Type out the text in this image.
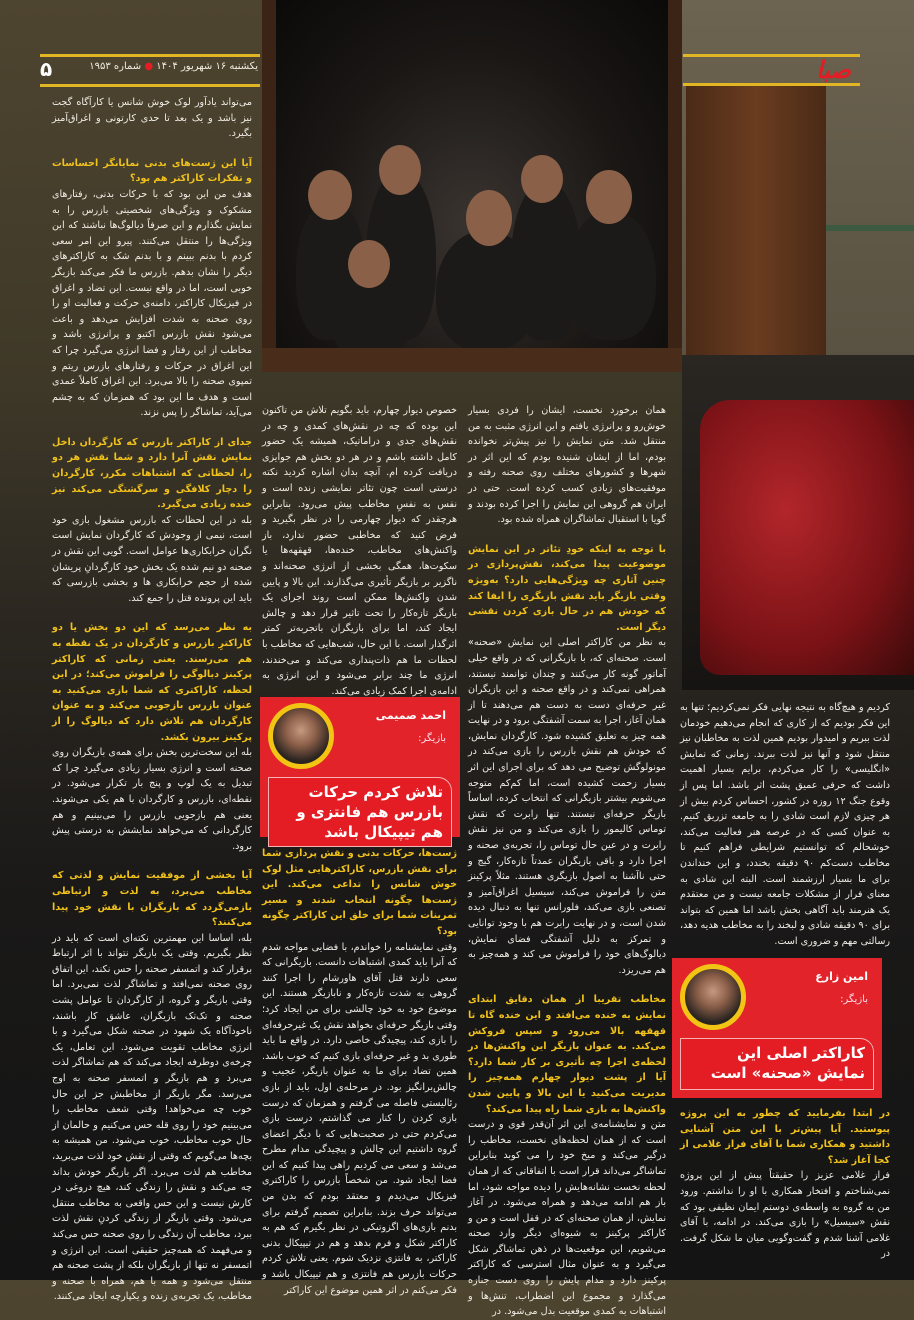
۵	یکشنبه ۱۶ شهریور ۱۴۰۴ ● شماره ۱۹۵۳	صبا

می‌تواند یادآور لوک خوش شانس یا کارآگاه گجت نیز باشد و یک بعد تا حدی کارتونی و اغراق‌آمیز بگیرد.

آیا این ژست‌های بدنی نمایانگر احساسات و تفکرات کاراکتر هم بود؟

هدف من این بود که با حرکات بدنی، رفتارهای مشکوک و ویژگی‌های شخصیتی بازرس را به نمایش بگذارم و این صرفاً دیالوگ‌ها نباشند که این ویژگی‌ها را منتقل می‌کنند. پیرو این امر سعی کردم با بدنم ببینم و با بدنم شک به کاراکترهای دیگر را نشان بدهم. بازرس ما فکر می‌کند بازیگر خوبی است، اما در واقع نیست. این تضاد و اغراق در فیزیکال کاراکتر، دامنه‌ی حرکت و فعالیت او را روی صحنه به شدت افزایش می‌دهد و باعث می‌شود نقش بازرس اکتیو و پرانرژی باشد و مخاطب از این رفتار و فضا انرژی می‌گیرد چرا که این اغراق در حرکات و رفتارهای بازرس ریتم و تمپوی صحنه را بالا می‌برد. این اغراق کاملاً عمدی است و هدف ما این بود که همزمان که به چشم می‌آید، تماشاگر را پس نزند.

جدای از کاراکتر بازرس که کارگردان داخل نمایش نقش آنرا دارد و شما نقش هر دو را، لحظاتی که اشتباهات مکرر، کارگردان را دچار کلافگی و سرگشتگی می‌کند نیز خنده زیادی می‌گیرد.

بله در این لحظات که بازرس مشغول بازی خود است، نیمی از وجودش که کارگردان نمایش است نگران خرابکاری‌ها عوامل است. گویی این نقش در صحنه دو نیم شده یک بخش خود کارگردانِ پریشان شده از حجم خرابکاری ها و بخشی بازرسی که باید این پرونده قتل را جمع کند.

به نظر می‌رسد که این دو بخش یا دو کاراکترِ بازرس و کارگردان در یک نقطه به هم می‌رسند. یعنی زمانی که کاراکتر پرکینز دیالوگی را فراموش می‌کند؛ در این لحظه، کاراکتری که شما بازی می‌کنید به عنوان بازرس بازجویی می‌کند و به عنوان کارگردان هم تلاش دارد که دیالوگ را از پرکینز بیرون بکشد.

بله این سخت‌ترین بخش برای همه‌ی بازیگران روی صحنه است و انرژی بسیار زیادی می‌گیرد چرا که تبدیل به یک لوپ و پنج بار تکرار می‌شود. در نقطه‌ای، بازرس و کارگردان با هم یکی می‌شوند. یعنی هم بازجویی بازرس را می‌بینیم و هم کارگردانی که می‌خواهد نمایشش به درستی پیش برود.

آیا بخشی از موفقیت نمایش و لذتی که مخاطب می‌برد، به لذت و ارتباطی بازمی‌گردد که بازیگران با نقش خود پیدا می‌کنند؟

بله، اساسا این مهمترین نکته‌ای است که باید در نظر بگیریم. وقتی یک بازیگر نتواند با اثر ارتباط برقرار کند و اتمسفر صحنه را حس نکند، این اتفاق روی صحنه نمی‌افتد و تماشاگر لذت نمی‌برد. اما وقتی بازیگر و گروه، از کارگردان تا عوامل پشت صحنه و تک‌تک بازیگران، عاشق کار باشند، ناخودآگاه یک شهود در صحنه شکل می‌گیرد و با انرژی مخاطب تقویت می‌شود. این تعامل، یک چرخه‌ی دوطرفه ایجاد می‌کند که هم تماشاگر لذت می‌برد و هم بازیگر و اتمسفر صحنه به اوج می‌رسد. مگر بازیگر از مخاطبش جز این حال خوب چه می‌خواهد! وقتی شعف مخاطب را می‌بینیم خود را روی قله حس می‌کنیم و حالمان از حال خوب مخاطب، خوب می‌شود. من همیشه به بچه‌ها می‌گویم که وقتی از نقش خود لذت می‌برید، مخاطب هم لذت می‌برد. اگر بازیگر خودش بداند چه می‌کند و نقش را زندگی کند، هیچ دروغی در کارش نیست و این حس واقعی به مخاطب منتقل می‌شود. وقتی بازیگر از زندگی کردنِ نقش لذت ببرد، مخاطب آن زندگی را روی صحنه حس می‌کند و می‌فهمد که همه‌چیز حقیقی است. این انرژی و اتمسفر نه تنها از بازیگران بلکه از پشت صحنه هم منتقل می‌شود و همه با هم، همراه با صحنه و مخاطب، یک تجربه‌ی زنده و یکپارچه ایجاد می‌کنند.

خصوص دیوار چهارم، باید بگویم تلاش من تاکنون این بوده که چه در نقش‌های کمدی و چه در نقش‌های جدی و دراماتیک، همیشه یک حضور کامل داشته باشم و در هر دو بخش هم جوایزی دریافت کرده ام. آنچه بدان اشاره کردید نکته درستی است چون تئاتر نمایشی زنده است و نفس به نفسِ مخاطب پیش می‌رود. بنابراین هرچقدر که دیوار چهارمی را در نظر بگیرید و فرض کنید که مخاطبی حضور ندارد، باز واکنش‌های مخاطب، خنده‌ها، قهقهه‌ها یا سکوت‌ها، همگی بخشی از انرژی صحنه‌اند و ناگزیر بر بازیگر تأثیری می‌گذارند. این بالا و پایین شدن واکنش‌ها ممکن است روند اجرای یک بازیگر تازه‌کار را تحت تاثیر قرار دهد و چالش ایجاد کند، اما برای بازیگران باتجربه‌تر کمتر اثرگذار است. با این حال، شب‌هایی که مخاطب با لحظات ما هم ذات‌پنداری می‌کند و می‌خندند، انرژی ما چند برابر می‌شود و این انرژی به ادامه‌ی اجرا کمک زیادی می‌کند.

ژست‌ها، حرکات بدنی و نقش پردازی شما برای نقش بازرس، کاراکترهایی مثل لوک خوش شانس را تداعی می‌کند. این ژست‌ها چگونه انتخاب شدند و مسیر تمرینات شما برای خلق این کاراکتر چگونه بود؟

وقتی نمایشنامه را خواندم، با فضایی مواجه شدم که آنرا باید کمدی اشتباهات دانست. بازیگرانی که سعی دارند قتل آقای هاورشام را اجرا کنند گروهی به شدت تازه‌کار و نابازیگر هستند. این موضوع خود به خود چالشی برای من ایجاد کرد؛ وقتی بازیگر حرفه‌ای بخواهد نقش یک غیرحرفه‌ای را بازی کند، پیچیدگی خاصی دارد. در واقع ما باید طوری بد و غیر حرفه‌ای بازی کنیم که خوب باشد. همین تضاد برای ما به عنوان بازیگر، عجیب و چالش‌برانگیز بود. در مرحله‌ی اول، باید از بازی رئالیستی فاصله می گرفتم و همزمان که درست بازی کردن را کنار می گذاشتم، درست بازی می‌کردم حتی در صحبت‌هایی که با دیگر اعضای گروه داشتیم این چالش و پیچیدگی مدام مطرح می‌شد و سعی می کردیم راهی پیدا کنیم که این فضا ایجاد شود. من شخصاً بازرس را کاراکتری فیزیکال می‌دیدم و معتقد بودم که بدن من می‌تواند حرف بزند. بنابراین تصمیم گرفتم برای بدنم بازی‌های اگزوتیکی در نظر بگیرم که هم به کاراکتر شکل و فرم بدهد و هم در تیپیکال بدنی کاراکتر، به فانتزی نزدیک شوم. یعنی تلاش کردم حرکات بازرس هم فانتزی و هم تیپیکال باشد و فکر می‌کنم در اثر همین موضوع این کاراکتر

همان برخورد نخست، ایشان را فردی بسیار خوش‌رو و پرانرژی یافتم و این انرژی مثبت به من منتقل شد. متن نمایش را نیز پیش‌تر نخوانده بودم، اما از ایشان شنیده بودم که این اثر در شهرها و کشورهای مختلف روی صحنه رفته و موفقیت‌های زیادی کسب کرده است. حتی در ایران هم گروهی این نمایش را اجرا کرده بودند و گویا با استقبال تماشاگران همراه شده بود.

با توجه به اینکه خودِ تئاتر در این نمایش موضوعیت پیدا می‌کند، نقش‌پردازی در چنین آثاری چه ویژگی‌هایی دارد؟ به‌ویژه وقتی بازیگر باید نقش بازیگری را ایفا کند که خودش هم در حال بازی کردن نقشی دیگر است.

به نظر من کاراکتر اصلی این نمایش «صحنه» است. صحنه‌ای که، با بازیگرانی که در واقع خیلی آماتور گونه کار می‌کنند و چندان توانمند نیستند، همراهی نمی‌کند و در واقع صحنه و این بازیگران غیر حرفه‌ای دست به دست هم می‌دهند تا از همان آغاز، اجرا به سمت آشفتگی برود و در نهایت همه چیز به تعلیق کشیده شود. کارگردان نمایش، که خودش هم نقش بازرس را بازی می‌کند در مونولوگش توضیح می دهد که برای اجرای این اثر بسیار زحمت کشیده است، اما کم‌کم متوجه می‌شویم بیشتر بازیگرانی که انتخاب کرده، اساساً بازیگر حرفه‌ای نیستند. تنها رابرت که نقش توماس کالیمور را بازی می‌کند و من نیز نقش رابرت و در عین حال توماس را، تجربه‌ی صحنه و اجرا دارد و باقی بازیگران عمدتاً تازه‌کار، گیج و حتی ناآشنا به اصول بازیگری هستند. مثلاً پرکینز متن را فراموش می‌کند، سیسیل اغراق‌آمیز و تصنعی بازی می‌کند، فلورانس تنها به دنبال دیده شدن است، و در نهایت رابرت هم با وجود توانایی و تمرکز به دلیل آشفتگی فضای نمایش، دیالوگ‌های خود را فراموش می کند و همه‌چیز به هم می‌ریزد.

مخاطب تقریبا از همان دقایق ابتدای نمایش به خنده می‌افتد و این خنده گاه تا قهقهه بالا می‌رود و سپس فروکش می‌کند. به عنوان بازیگر این واکنش‌ها در لحظه‌ی اجرا چه تأثیری بر کار شما دارد؟ آیا از پشت دیوار چهارم همه‌چیز را مدیریت می‌کنید یا این بالا و پایین شدن واکنش‌ها به بازی شما راه پیدا می‌کند؟

متن و نمایشنامه‌ی این اثر آن‌قدر قوی و درست است که از همان لحظه‌های نخست، مخاطب را درگیر می‌کند و میخ خود را می کوبد بنابراین تماشاگر می‌داند قرار است با اتفاقاتی که از همان لحظه نخست نشانه‌هایش را دیده مواجه شود، اما باز هم ادامه می‌دهد و همراه می‌شود. در آغاز نمایش، از همان صحنه‌ای که در قفل است و من و کاراکتر پرکینز به شیوه‌ای دیگر وارد صحنه می‌شویم، این موقعیت‌ها در ذهن تماشاگر شکل می‌گیرد و به عنوان مثال استرسی که کاراکتر پرکینز دارد و مدام پایش را روی دست جنازه می‌گذارد و مجموع این اضطراب، تنش‌ها و اشتباهات به کمدی موقعیت بدل می‌شود. در

کردیم و هیچ‌گاه به نتیجه نهایی فکر نمی‌کردیم؛ تنها به این فکر بودیم که از کاری که انجام می‌دهیم خودمان لذت ببریم و امیدوار بودیم همین لذت به مخاطبان نیز منتقل شود و آنها نیز لذت ببرند. زمانی که نمایش «انگلیسی» را کار می‌کردم، برایم بسیار اهمیت داشت که حرفی عمیق پشت اثر باشد. اما پس از وقوع جنگ ۱۲ روزه در کشور، احساس کردم بیش از هر چیزی لازم است شادی را به جامعه تزریق کنیم. به عنوان کسی که در عرصه هنر فعالیت می‌کند، خوشحالم که توانستیم شرایطی فراهم کنیم تا مخاطب دست‌کم ۹۰ دقیقه بخندد، و این خنداندن برای ما بسیار ارزشمند است. البته این شادی به معنای فرار از مشکلات جامعه نیست و من معتقدم یک هنرمند باید آگاهی بخش باشد اما همین که بتواند برای ۹۰ دقیقه شادی و لبخند را به مخاطب هدیه دهد، رسالتی مهم و ضروری است.

در ابتدا بفرمایید که چطور به این پروژه پیوستید. آیا پیش‌تر با این متن آشنایی داشتید و همکاری شما با آقای فراز غلامی از کجا آغاز شد؟

فراز غلامی عزیز را حقیقتاً پیش از این پروژه نمی‌شناختم و افتخار همکاری با او را نداشتم. ورود من به گروه به واسطه‌ی دوستم ایمان نظیفی بود که نقش «سیسیل» را بازی می‌کند. در ادامه، با آقای غلامی آشنا شدم و گفت‌وگویی میان ما شکل گرفت. در

احمد صمیمی
بازیگر:
تلاش کردم حرکات بازرس هم فانتزی و هم تیپیکال باشد
امین زارع
بازیگر:
کاراکتر اصلی این نمایش «صحنه» است
